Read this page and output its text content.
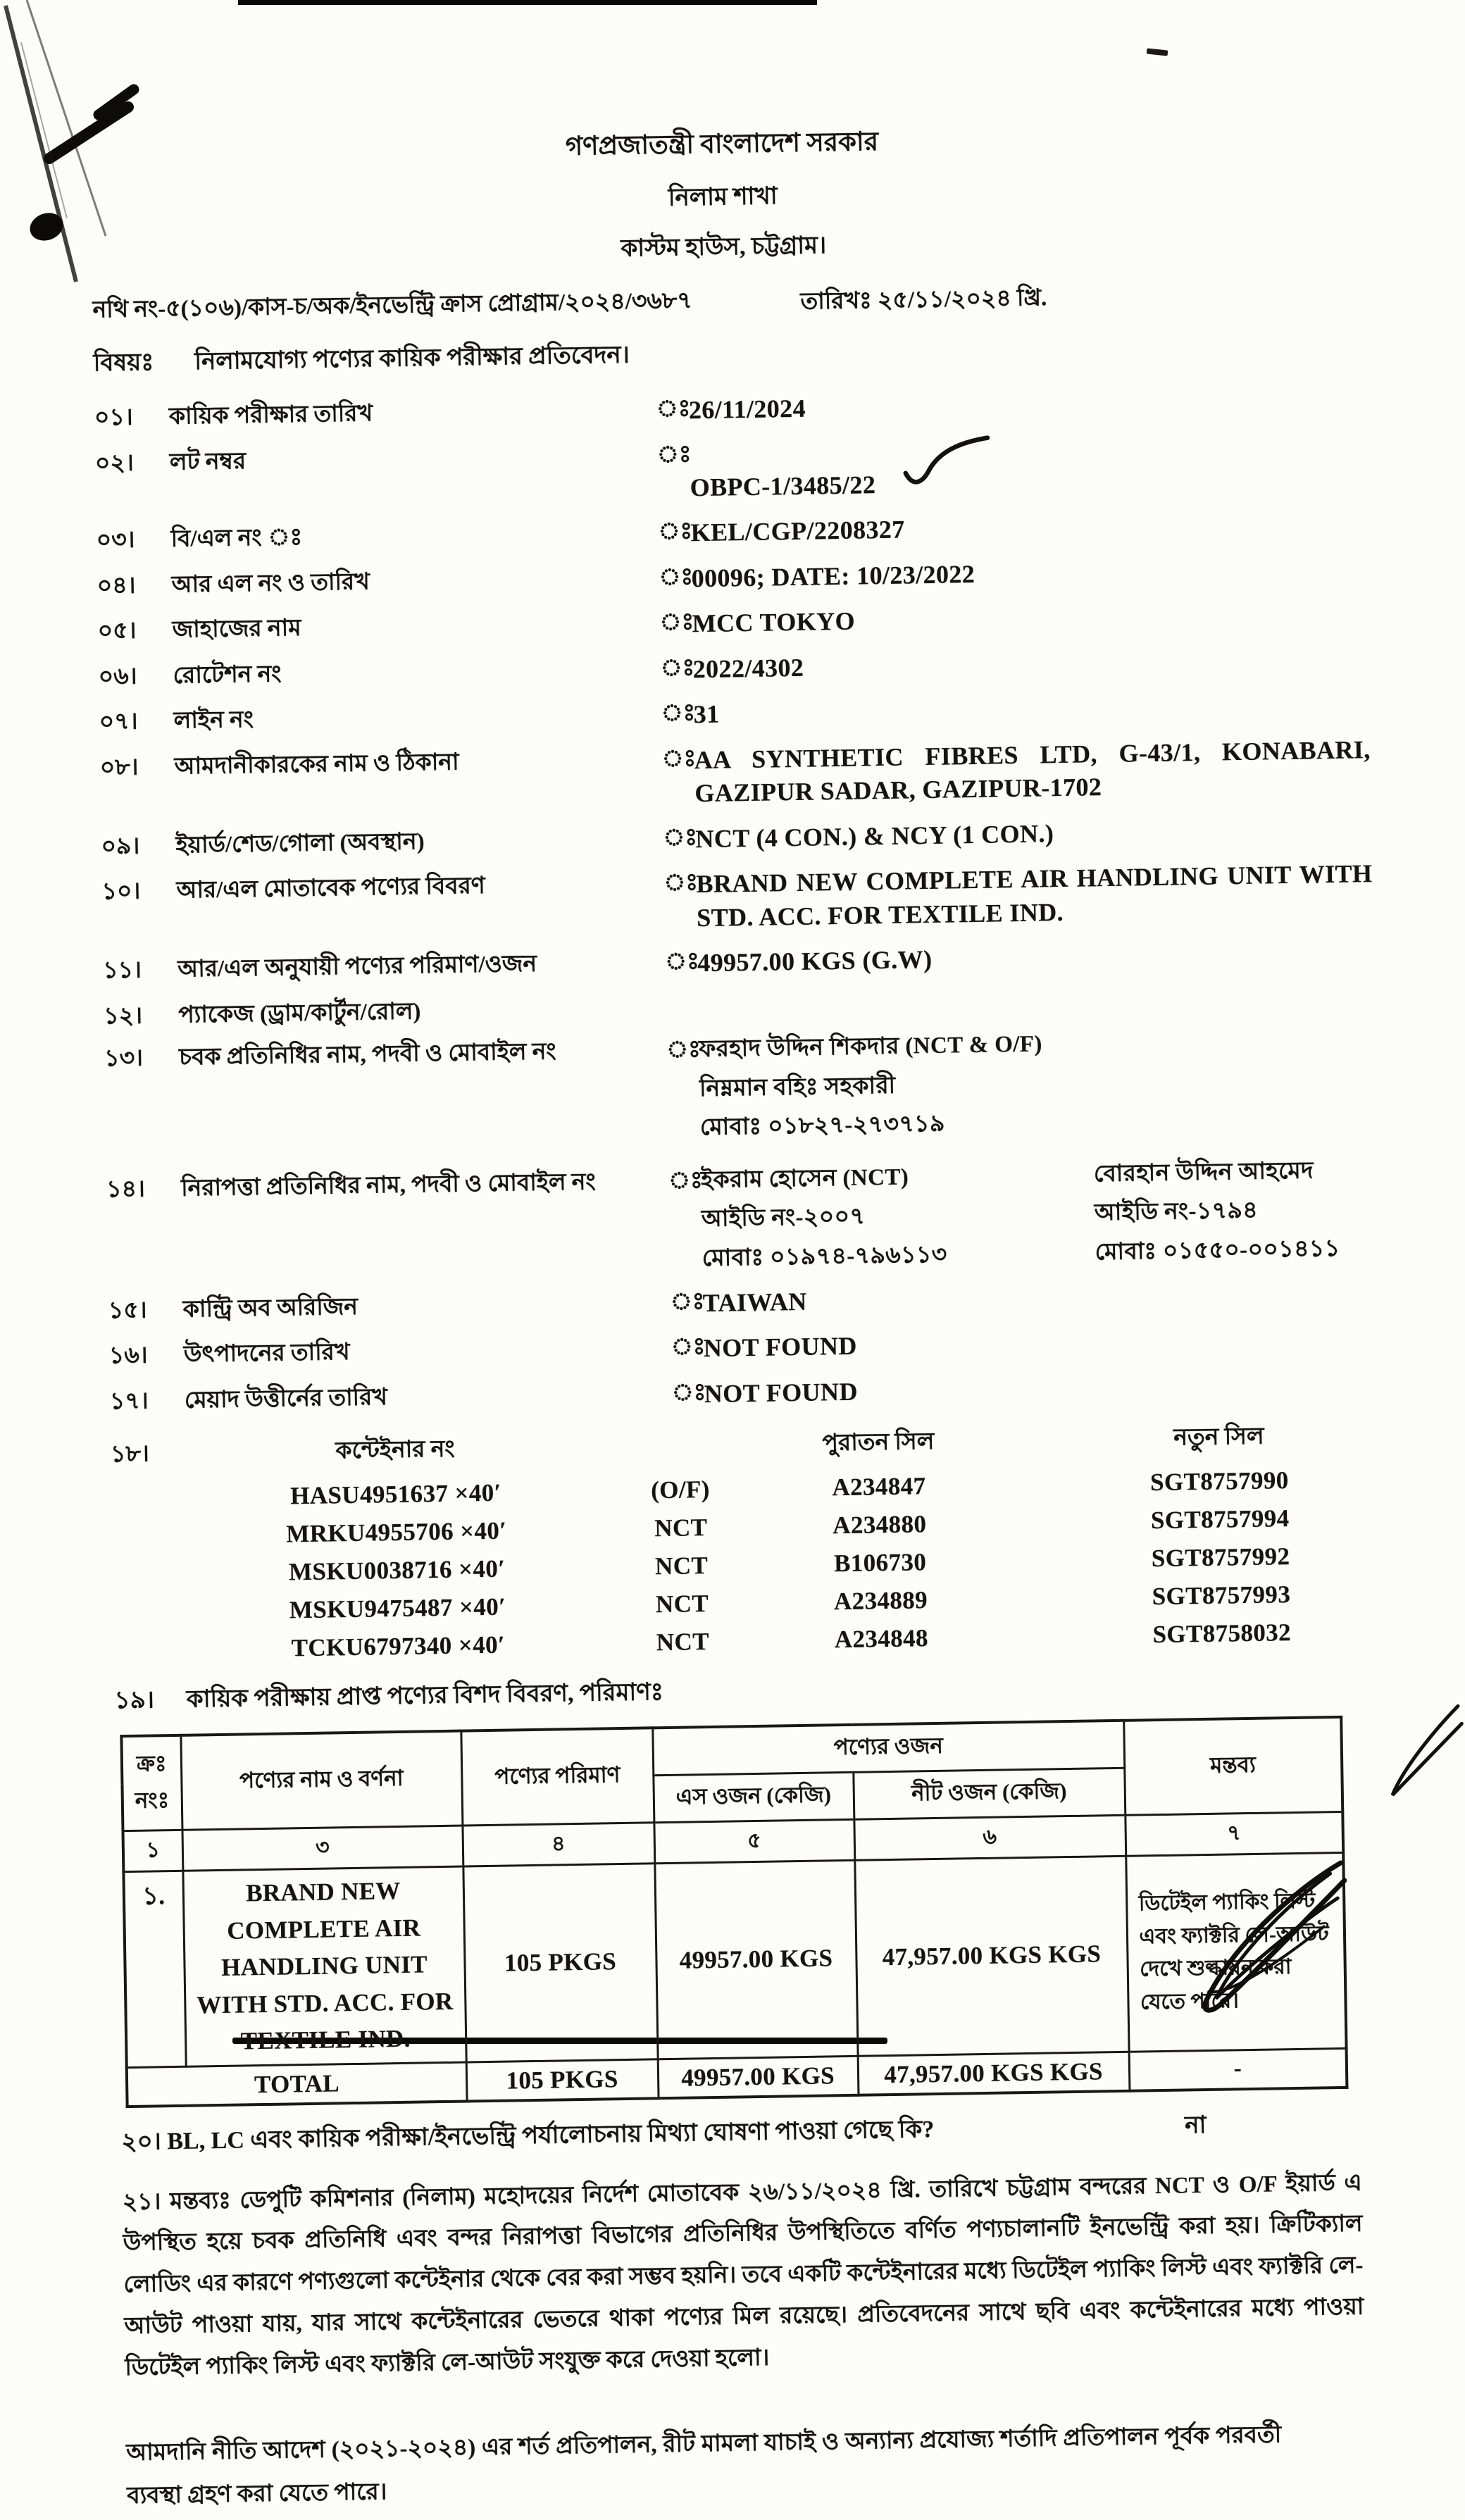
গণপ্রজাতন্ত্রী বাংলাদেশ সরকার
নিলাম শাখা
কাস্টম হাউস, চট্টগ্রাম।
নথি নং-৫(১০৬)/কাস-চ/অক/ইনভেন্ট্রি ক্রাস প্রোগ্রাম/২০২৪/৩৬৮৭	তারিখঃ ২৫/১১/২০২৪ খ্রি.
বিষয়ঃ নিলামযোগ্য পণ্যের কায়িক পরীক্ষার প্রতিবেদন।
০১।	কায়িক পরীক্ষার তারিখ	ঃ
26/11/2024
০২।	লট নম্বর	ঃ
OBPC-1/3485/22
০৩।	বি/এল নং ঃ	ঃ
KEL/CGP/2208327
০৪।	আর এল নং ও তারিখ	ঃ
00096; DATE: 10/23/2022
০৫।	জাহাজের নাম	ঃ
MCC TOKYO
০৬।	রোটেশন নং	ঃ
2022/4302
০৭।	লাইন নং	ঃ
31
০৮।	আমদানীকারকের নাম ও ঠিকানা	ঃ
AA SYNTHETIC FIBRES LTD, G-43/1, KONABARI, GAZIPUR SADAR, GAZIPUR-1702
০৯।	ইয়ার্ড/শেড/গোলা (অবস্থান)	ঃ
NCT (4 CON.) & NCY (1 CON.)
১০।	আর/এল মোতাবেক পণ্যের বিবরণ	ঃ
BRAND NEW COMPLETE AIR HANDLING UNIT WITH STD. ACC. FOR TEXTILE IND.
১১।	আর/এল অনুযায়ী পণ্যের পরিমাণ/ওজন	ঃ
49957.00 KGS (G.W)
১২।	প্যাকেজ (ড্রাম/কার্টুন/রোল)
১৩।	চবক প্রতিনিধির নাম, পদবী ও মোবাইল নং	ঃ
ফরহাদ উদ্দিন শিকদার (NCT & O/F)
নিম্নমান বহিঃ সহকারী
মোবাঃ ০১৮২৭-২৭৩৭১৯
১৪।	নিরাপত্তা প্রতিনিধির নাম, পদবী ও মোবাইল নং	ঃ
ইকরাম হোসেন (NCT)
আইডি নং-২০০৭
মোবাঃ ০১৯৭৪-৭৯৬১১৩
বোরহান উদ্দিন আহমেদ
আইডি নং-১৭৯৪
মোবাঃ ০১৫৫০-০০১৪১১
১৫।	কান্ট্রি অব অরিজিন	ঃ
TAIWAN
১৬।	উৎপাদনের তারিখ	ঃ
NOT FOUND
১৭।	মেয়াদ উত্তীর্নের তারিখ	ঃ
NOT FOUND
১৮।	কন্টেইনার নং	পুরাতন সিল	নতুন সিল
HASU4951637 ×40′	(O/F)	A234847	SGT8757990
MRKU4955706 ×40′	NCT	A234880	SGT8757994
MSKU0038716 ×40′	NCT	B106730	SGT8757992
MSKU9475487 ×40′	NCT	A234889	SGT8757993
TCKU6797340 ×40′	NCT	A234848	SGT8758032
১৯। কায়িক পরীক্ষায় প্রাপ্ত পণ্যের বিশদ বিবরণ, পরিমাণঃ
ক্রঃ নংঃ	পণ্যের নাম ও বর্ণনা	পণ্যের পরিমাণ	পণ্যের ওজন		মন্তব্য
			এস ওজন (কেজি)	নীট ওজন (কেজি)	
১	৩	৪	৫	৬	৭
১.	BRAND NEW COMPLETE AIR HANDLING UNIT WITH STD. ACC. FOR TEXTILE IND.	105 PKGS	49957.00 KGS	47,957.00 KGS KGS	ডিটেইল প্যাকিং লিস্ট এবং ফ্যাক্টরি লে-আউট দেখে শুল্কায়ন করা যেতে পারে।
TOTAL		105 PKGS	49957.00 KGS	47,957.00 KGS KGS	-
২০। BL, LC এবং কায়িক পরীক্ষা/ইনভেন্ট্রি পর্যালোচনায় মিথ্যা ঘোষণা পাওয়া গেছে কি?	না
২১। মন্তব্যঃ ডেপুটি কমিশনার (নিলাম) মহোদয়ের নির্দেশ মোতাবেক ২৬/১১/২০২৪ খ্রি. তারিখে চট্টগ্রাম বন্দরের NCT ও O/F ইয়ার্ড এ উপস্থিত হয়ে চবক প্রতিনিধি এবং বন্দর নিরাপত্তা বিভাগের প্রতিনিধির উপস্থিতিতে বর্ণিত পণ্যচালানটি ইনভেন্ট্রি করা হয়। ক্রিটিক্যাল লোডিং এর কারণে পণ্যগুলো কন্টেইনার থেকে বের করা সম্ভব হয়নি। তবে একটি কন্টেইনারের মধ্যে ডিটেইল প্যাকিং লিস্ট এবং ফ্যাক্টরি লে-আউট পাওয়া যায়, যার সাথে কন্টেইনারের ভেতরে থাকা পণ্যের মিল রয়েছে। প্রতিবেদনের সাথে ছবি এবং কন্টেইনারের মধ্যে পাওয়া ডিটেইল প্যাকিং লিস্ট এবং ফ্যাক্টরি লে-আউট সংযুক্ত করে দেওয়া হলো।
আমদানি নীতি আদেশ (২০২১-২০২৪) এর শর্ত প্রতিপালন, রীট মামলা যাচাই ও অন্যান্য প্রযোজ্য শর্তাদি প্রতিপালন পূর্বক পরবর্তী ব্যবস্থা গ্রহণ করা যেতে পারে।
